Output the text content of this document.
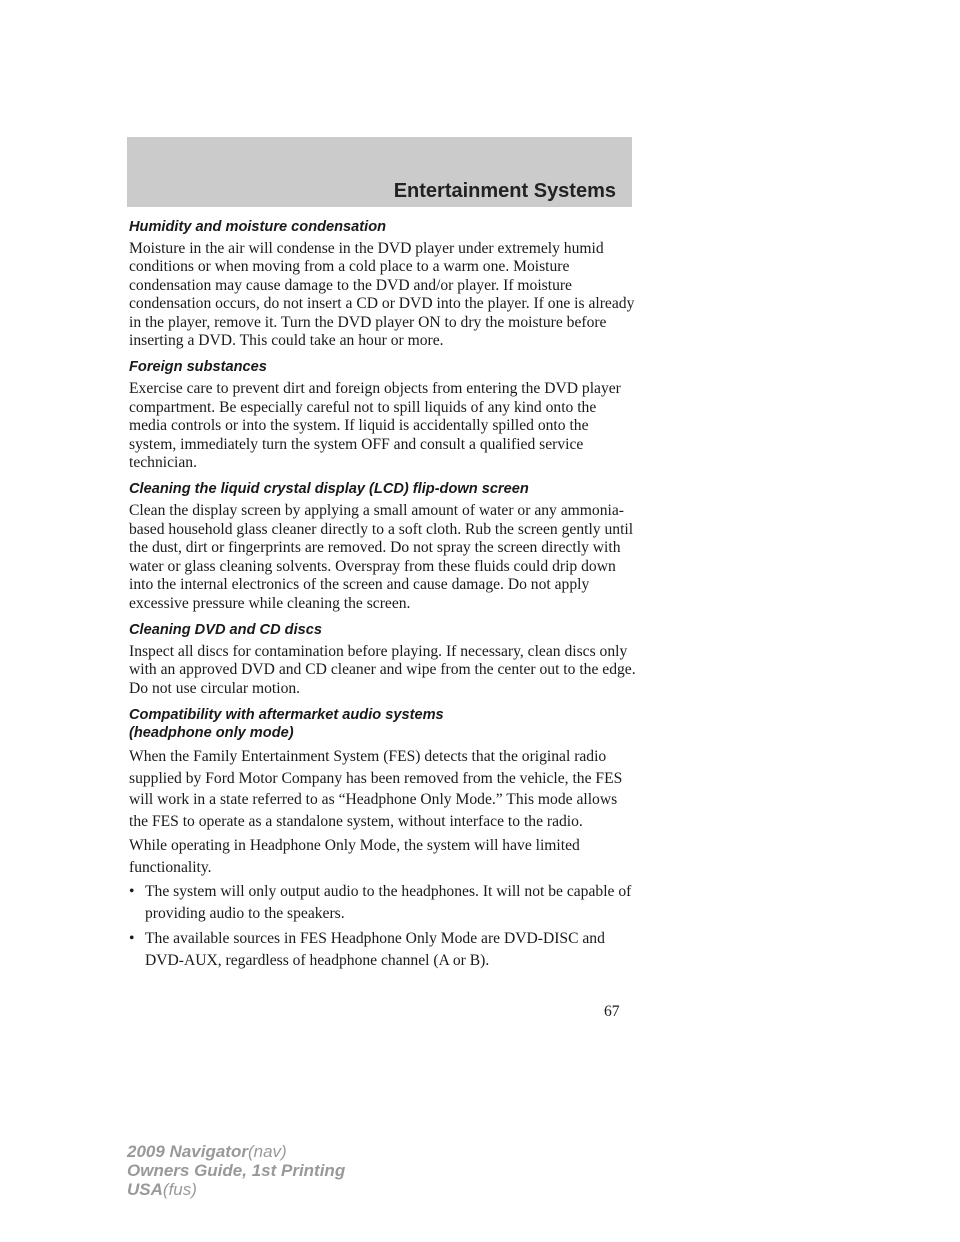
Entertainment Systems
Humidity and moisture condensation

Moisture in the air will condense in the DVD player under extremely humid conditions or when moving from a cold place to a warm one. Moisture condensation may cause damage to the DVD and/or player. If moisture condensation occurs, do not insert a CD or DVD into the player. If one is already in the player, remove it. Turn the DVD player ON to dry the moisture before inserting a DVD. This could take an hour or more.

Foreign substances

Exercise care to prevent dirt and foreign objects from entering the DVD player compartment. Be especially careful not to spill liquids of any kind onto the media controls or into the system. If liquid is accidentally spilled onto the system, immediately turn the system OFF and consult a qualified service technician.

Cleaning the liquid crystal display (LCD) flip-down screen

Clean the display screen by applying a small amount of water or any ammonia-based household glass cleaner directly to a soft cloth. Rub the screen gently until the dust, dirt or fingerprints are removed. Do not spray the screen directly with water or glass cleaning solvents. Overspray from these fluids could drip down into the internal electronics of the screen and cause damage. Do not apply excessive pressure while cleaning the screen.

Cleaning DVD and CD discs

Inspect all discs for contamination before playing. If necessary, clean discs only with an approved DVD and CD cleaner and wipe from the center out to the edge. Do not use circular motion.

Compatibility with aftermarket audio systems
(headphone only mode)

When the Family Entertainment System (FES) detects that the original radio supplied by Ford Motor Company has been removed from the vehicle, the FES will work in a state referred to as “Headphone Only Mode.” This mode allows the FES to operate as a standalone system, without interface to the radio.

While operating in Headphone Only Mode, the system will have limited functionality.

• The system will only output audio to the headphones. It will not be capable of providing audio to the speakers.
• The available sources in FES Headphone Only Mode are DVD-DISC and DVD-AUX, regardless of headphone channel (A or B).
67
2009 Navigator(nav)
Owners Guide, 1st Printing
USA(fus)
